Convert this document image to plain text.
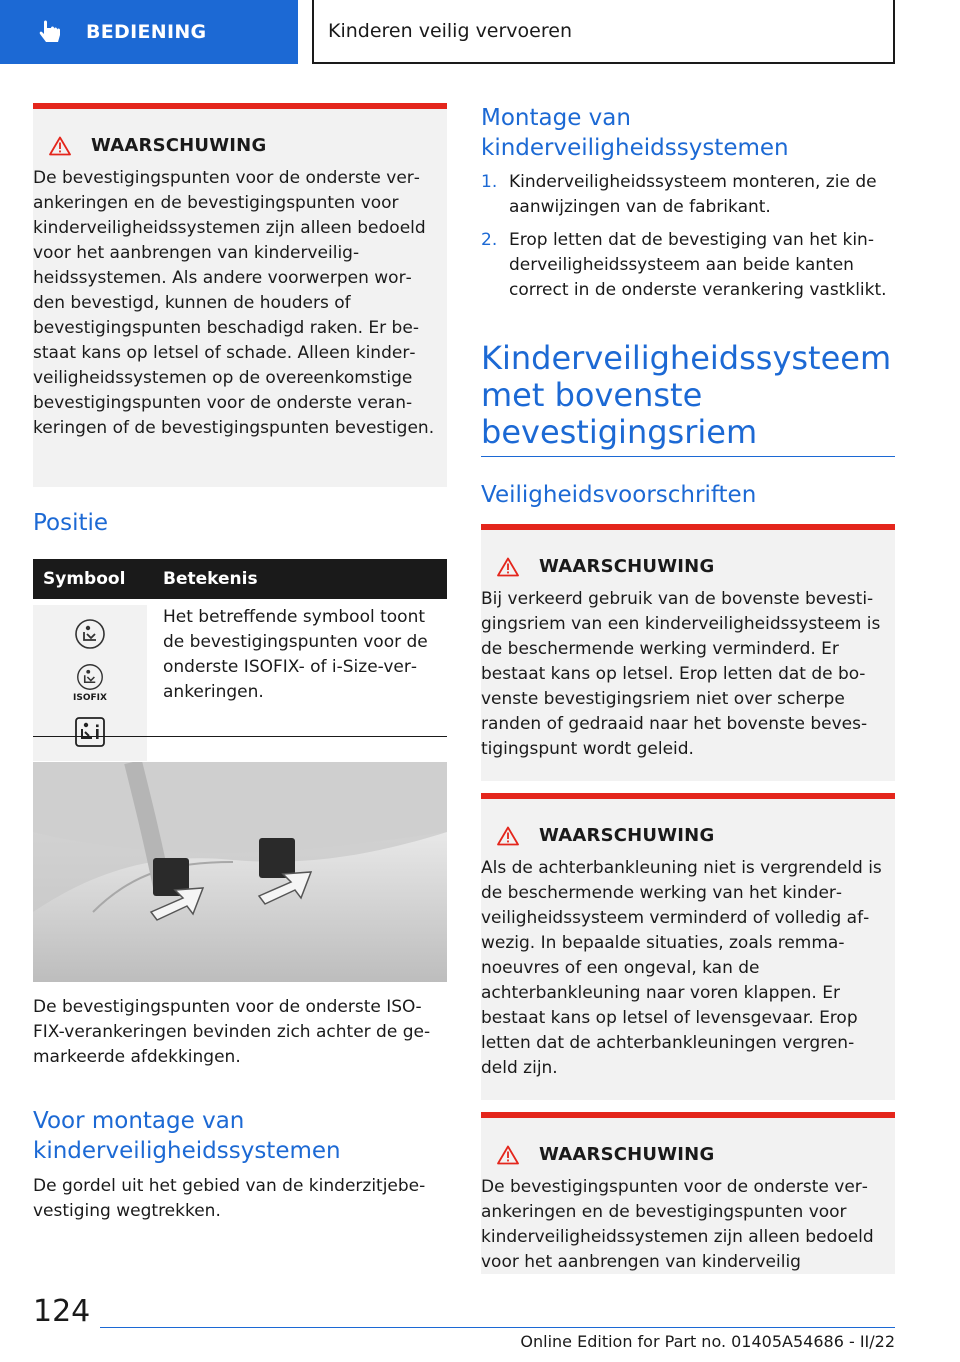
BEDIENING	Kinderen veilig vervoeren
WAARSCHUWING

De bevestigingspunten voor de onderste verankeringen en de bevestigingspunten voor kinderveiligheidssystemen zijn alleen bedoeld voor het aanbrengen van kinderveiligheidssystemen. Als andere voorwerpen worden bevestigd, kunnen de houders of bevestigingspunten beschadigd raken. Er bestaat kans op letsel of schade. Alleen kinderveiligheidssystemen op de overeenkomstige bevestigingspunten voor de onderste verankeringen of de bevestigingspunten bevestigen.

Positie
Symbool	Betekenis
ISOFIX
Het betreffende symbool toont de bevestigingspunten voor de onderste ISOFIX- of i-Size-verankeringen.
De bevestigingspunten voor de onderste ISOFIX-verankeringen bevinden zich achter de gemarkeerde afdekkingen.
Voor montage van kinderveiligheidssystemen
De gordel uit het gebied van de kinderzitjebevestiging wegtrekken.
Montage van kinderveiligheidssystemen
1. Kinderveiligheidssysteem monteren, zie de aanwijzingen van de fabrikant.
2. Erop letten dat de bevestiging van het kinderveiligheidssysteem aan beide kanten correct in de onderste verankering vastklikt.
Kinderveiligheidssysteem met bovenste bevestigingsriem
Veiligheidsvoorschriften
WAARSCHUWING

Bij verkeerd gebruik van de bovenste bevestigingsriem van een kinderveiligheidssysteem is de beschermende werking verminderd. Er bestaat kans op letsel. Erop letten dat de bovenste bevestigingsriem niet over scherpe randen of gedraaid naar het bovenste bevestigingspunt wordt geleid.

WAARSCHUWING

Als de achterbankleuning niet is vergrendeld is de beschermende werking van het kinderveiligheidssysteem verminderd of volledig afwezig. In bepaalde situaties, zoals remmanoeuvres of een ongeval, kan de achterbankleuning naar voren klappen. Er bestaat kans op letsel of levensgevaar. Erop letten dat de achterbankleuningen vergrendeld zijn.

WAARSCHUWING

De bevestigingspunten voor de onderste verankeringen en de bevestigingspunten voor kinderveiligheidssystemen zijn alleen bedoeld voor het aanbrengen van kinderveilig

124
Online Edition for Part no. 01405A54686 - II/22
